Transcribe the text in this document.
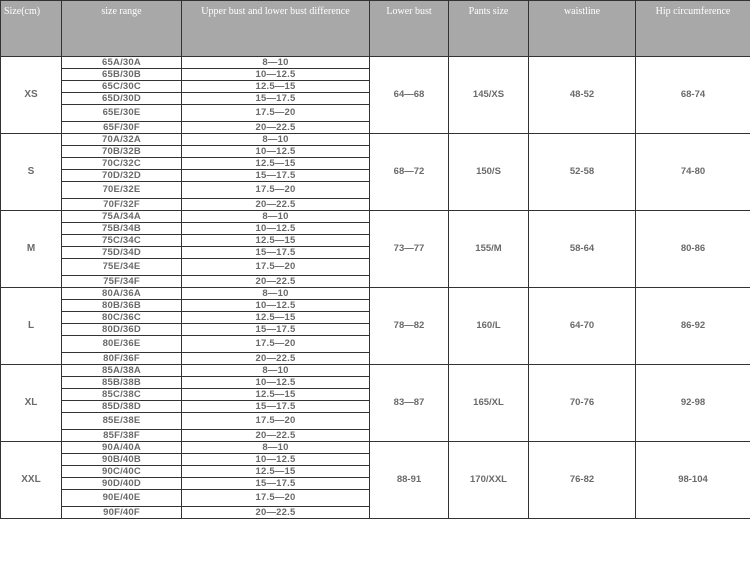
Size(cm)	size range	Upper bust and lower bust difference	Lower bust	Pants size	waistline	Hip circumference
XS	65A/30A	8—10	64—68	145/XS	48-52	68-74
	65B/30B	10—12.5				
	65C/30C	12.5—15				
	65D/30D	15—17.5				
	65E/30E	17.5—20				
	65F/30F	20—22.5				
S	70A/32A	8—10	68—72	150/S	52-58	74-80
	70B/32B	10—12.5				
	70C/32C	12.5—15				
	70D/32D	15—17.5				
	70E/32E	17.5—20				
	70F/32F	20—22.5				
M	75A/34A	8—10	73—77	155/M	58-64	80-86
	75B/34B	10—12.5				
	75C/34C	12.5—15				
	75D/34D	15—17.5				
	75E/34E	17.5—20				
	75F/34F	20—22.5				
L	80A/36A	8—10	78—82	160/L	64-70	86-92
	80B/36B	10—12.5				
	80C/36C	12.5—15				
	80D/36D	15—17.5				
	80E/36E	17.5—20				
	80F/36F	20—22.5				
XL	85A/38A	8—10	83—87	165/XL	70-76	92-98
	85B/38B	10—12.5				
	85C/38C	12.5—15				
	85D/38D	15—17.5				
	85E/38E	17.5—20				
	85F/38F	20—22.5				
XXL	90A/40A	8—10	88-91	170/XXL	76-82	98-104
	90B/40B	10—12.5				
	90C/40C	12.5—15				
	90D/40D	15—17.5				
	90E/40E	17.5—20				
	90F/40F	20—22.5				
